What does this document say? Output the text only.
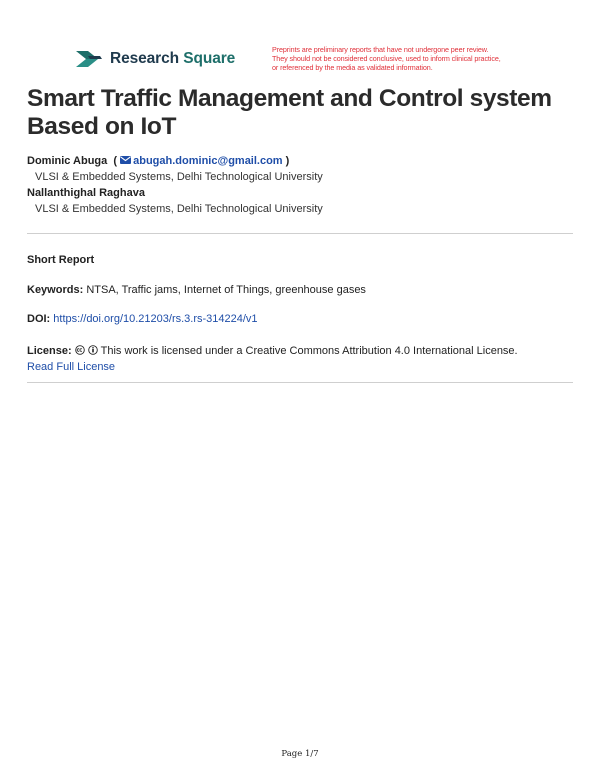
Research Square
Preprints are preliminary reports that have not undergone peer review.
They should not be considered conclusive, used to inform clinical practice,
or referenced by the media as validated information.
Smart Traffic Management and Control system Based on IoT
Dominic Abuga  ( abugah.dominic@gmail.com )
VLSI & Embedded Systems, Delhi Technological University
Nallanthighal Raghava
VLSI & Embedded Systems, Delhi Technological University
Short Report
Keywords: NTSA, Traffic jams, Internet of Things, greenhouse gases
DOI: https://doi.org/10.21203/rs.3.rs-314224/v1
License:	This work is licensed under a Creative Commons Attribution 4.0 International License.
Read Full License
Page 1/7
